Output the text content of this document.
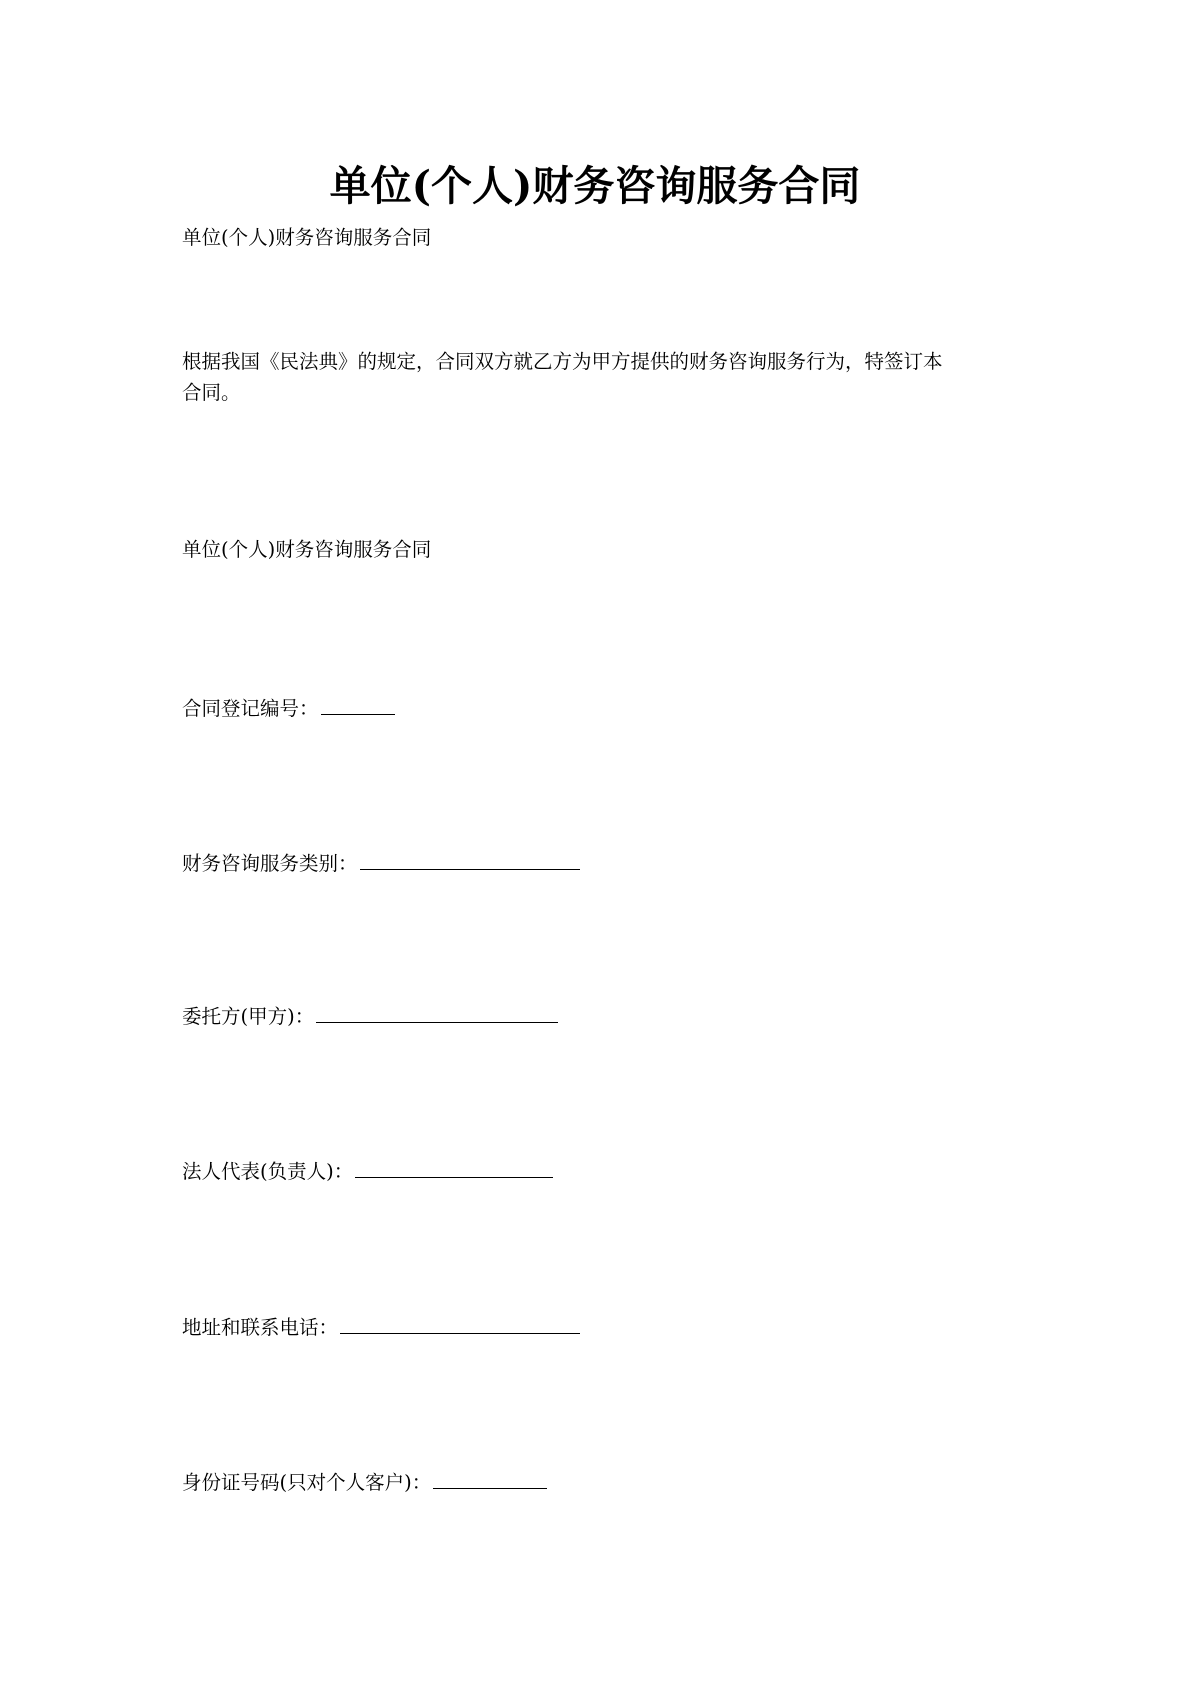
单位(个人)财务咨询服务合同
单位(个人)财务咨询服务合同
根据我国《民法典》的规定，合同双方就乙方为甲方提供的财务咨询服务行为，特签订本
合同。
单位(个人)财务咨询服务合同
合同登记编号：
财务咨询服务类别：
委托方(甲方)：
法人代表(负责人)：
地址和联系电话：
身份证号码(只对个人客户)：
